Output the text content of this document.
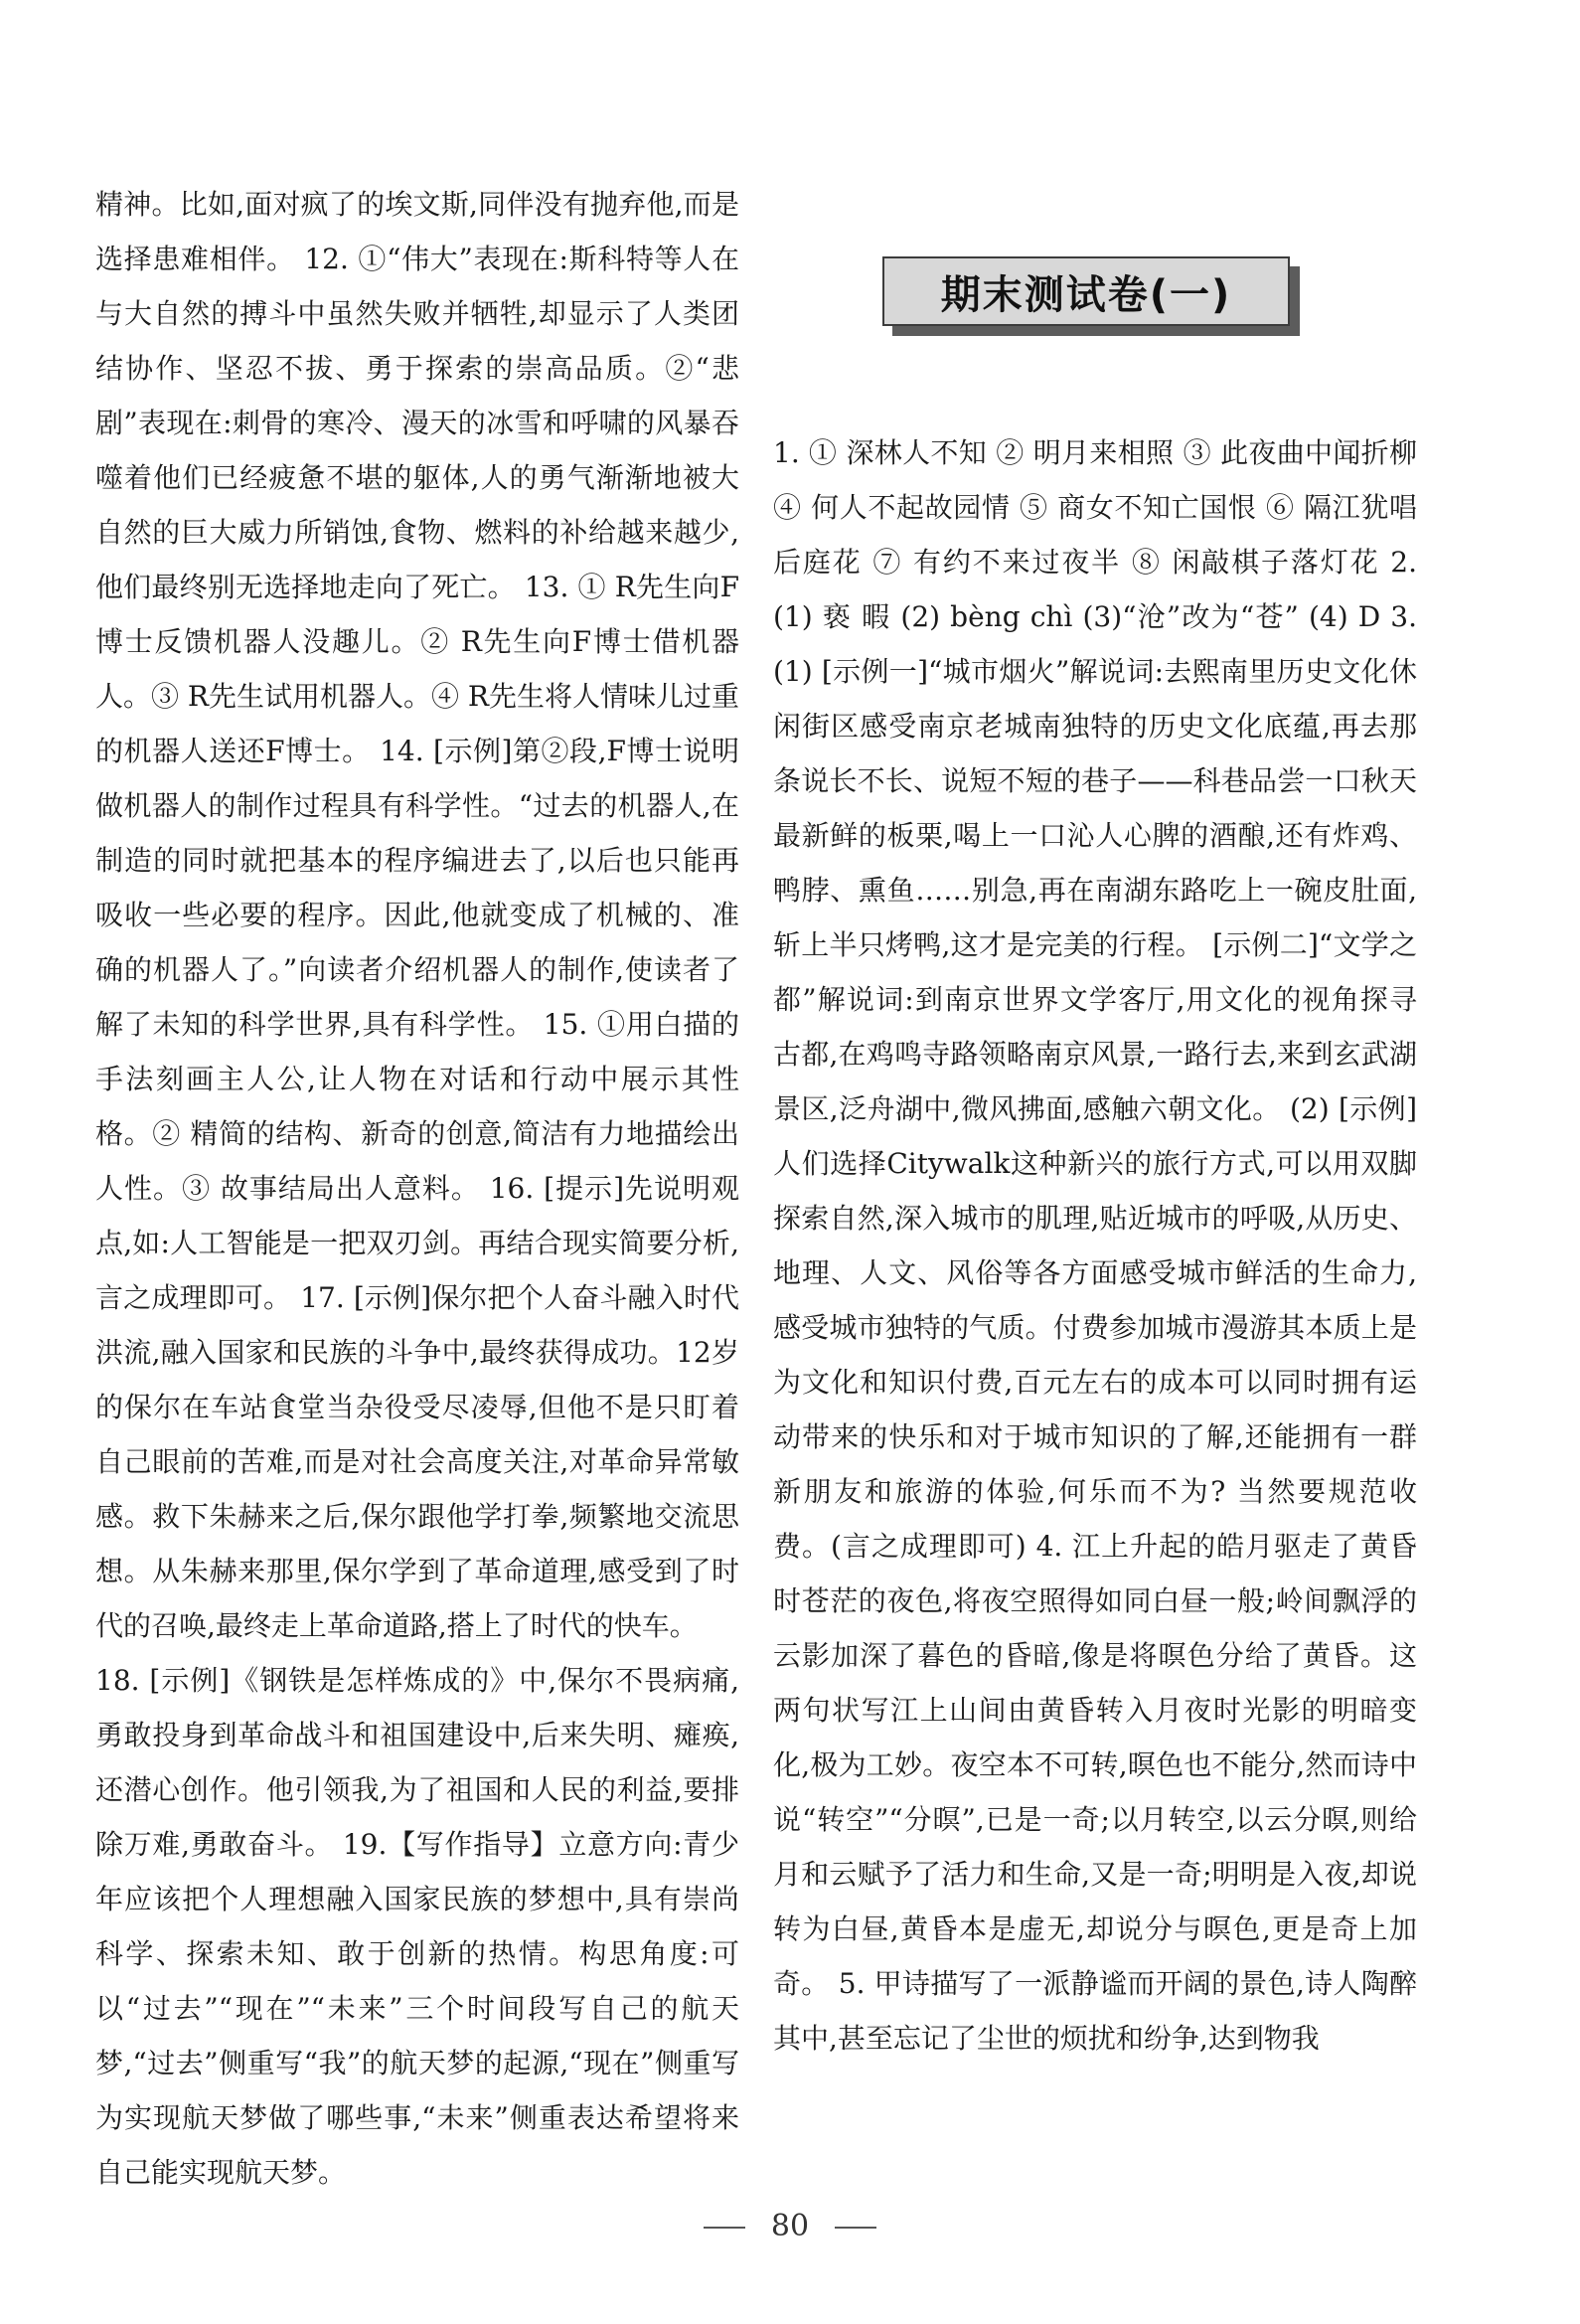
精神。比如,面对疯了的埃文斯,同伴没有抛弃他,而是选择患难相伴。 12. ①“伟大”表现在:斯科特等人在与大自然的搏斗中虽然失败并牺牲,却显示了人类团结协作、坚忍不拔、勇于探索的崇高品质。②“悲剧”表现在:刺骨的寒冷、漫天的冰雪和呼啸的风暴吞噬着他们已经疲惫不堪的躯体,人的勇气渐渐地被大自然的巨大威力所销蚀,食物、燃料的补给越来越少,他们最终别无选择地走向了死亡。 13. ① R先生向F博士反馈机器人没趣儿。② R先生向F博士借机器人。③ R先生试用机器人。④ R先生将人情味儿过重的机器人送还F博士。 14. [示例]第②段,F博士说明做机器人的制作过程具有科学性。“过去的机器人,在制造的同时就把基本的程序编进去了,以后也只能再吸收一些必要的程序。因此,他就变成了机械的、准确的机器人了。”向读者介绍机器人的制作,使读者了解了未知的科学世界,具有科学性。 15. ①用白描的手法刻画主人公,让人物在对话和行动中展示其性格。② 精简的结构、新奇的创意,简洁有力地描绘出人性。③ 故事结局出人意料。 16. [提示]先说明观点,如:人工智能是一把双刃剑。再结合现实简要分析,言之成理即可。 17. [示例]保尔把个人奋斗融入时代洪流,融入国家和民族的斗争中,最终获得成功。12岁的保尔在车站食堂当杂役受尽凌辱,但他不是只盯着自己眼前的苦难,而是对社会高度关注,对革命异常敏感。救下朱赫来之后,保尔跟他学打拳,频繁地交流思想。从朱赫来那里,保尔学到了革命道理,感受到了时代的召唤,最终走上革命道路,搭上了时代的快车。

18. [示例]《钢铁是怎样炼成的》中,保尔不畏病痛,勇敢投身到革命战斗和祖国建设中,后来失明、瘫痪,还潜心创作。他引领我,为了祖国和人民的利益,要排除万难,勇敢奋斗。 19.【写作指导】立意方向:青少年应该把个人理想融入国家民族的梦想中,具有崇尚科学、探索未知、敢于创新的热情。构思角度:可以“过去”“现在”“未来”三个时间段写自己的航天梦,“过去”侧重写“我”的航天梦的起源,“现在”侧重写为实现航天梦做了哪些事,“未来”侧重表达希望将来自己能实现航天梦。

期末测试卷(一)

1. ① 深林人不知 ② 明月来相照 ③ 此夜曲中闻折柳 ④ 何人不起故园情 ⑤ 商女不知亡国恨 ⑥ 隔江犹唱后庭花 ⑦ 有约不来过夜半 ⑧ 闲敲棋子落灯花 2. (1) 亵 暇 (2) bèng chì (3)“沧”改为“苍” (4) D 3. (1) [示例一]“城市烟火”解说词:去熙南里历史文化休闲街区感受南京老城南独特的历史文化底蕴,再去那条说长不长、说短不短的巷子——科巷品尝一口秋天最新鲜的板栗,喝上一口沁人心脾的酒酿,还有炸鸡、鸭脖、熏鱼……别急,再在南湖东路吃上一碗皮肚面,斩上半只烤鸭,这才是完美的行程。 [示例二]“文学之都”解说词:到南京世界文学客厅,用文化的视角探寻古都,在鸡鸣寺路领略南京风景,一路行去,来到玄武湖景区,泛舟湖中,微风拂面,感触六朝文化。 (2) [示例]人们选择Citywalk这种新兴的旅行方式,可以用双脚探索自然,深入城市的肌理,贴近城市的呼吸,从历史、地理、人文、风俗等各方面感受城市鲜活的生命力,感受城市独特的气质。付费参加城市漫游其本质上是为文化和知识付费,百元左右的成本可以同时拥有运动带来的快乐和对于城市知识的了解,还能拥有一群新朋友和旅游的体验,何乐而不为? 当然要规范收费。(言之成理即可) 4. 江上升起的皓月驱走了黄昏时苍茫的夜色,将夜空照得如同白昼一般;岭间飘浮的云影加深了暮色的昏暗,像是将暝色分给了黄昏。这两句状写江上山间由黄昏转入月夜时光影的明暗变化,极为工妙。夜空本不可转,暝色也不能分,然而诗中说“转空”“分暝”,已是一奇;以月转空,以云分暝,则给月和云赋予了活力和生命,又是一奇;明明是入夜,却说转为白昼,黄昏本是虚无,却说分与暝色,更是奇上加奇。 5. 甲诗描写了一派静谧而开阔的景色,诗人陶醉其中,甚至忘记了尘世的烦扰和纷争,达到物我

80
